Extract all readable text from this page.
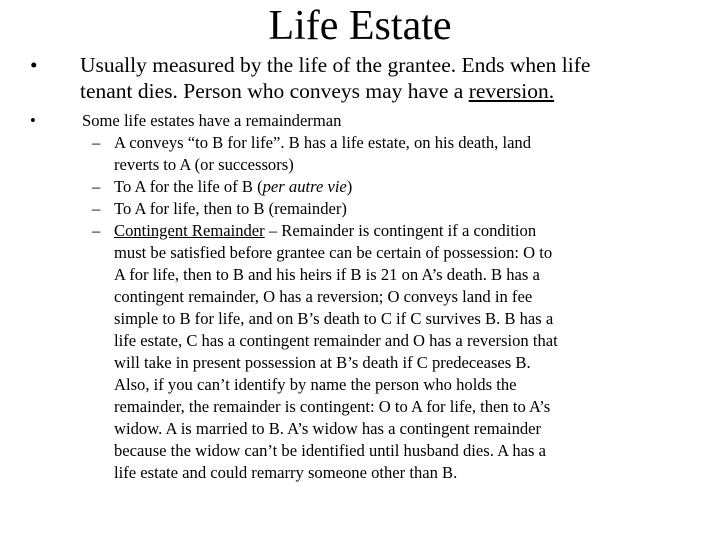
Life Estate
• Usually measured by the life of the grantee. Ends when life
tenant dies. Person who conveys may have a reversion.
•	Some life estates have a remainderman
– A conveys “to B for life”. B has a life estate, on his death, land
reverts to A (or successors)
– To A for the life of B (per autre vie)
– To A for life, then to B (remainder)
– Contingent Remainder – Remainder is contingent if a condition
must be satisfied before grantee can be certain of possession: O to
A for life, then to B and his heirs if B is 21 on A’s death. B has a
contingent remainder, O has a reversion; O conveys land in fee
simple to B for life, and on B’s death to C if C survives B. B has a
life estate, C has a contingent remainder and O has a reversion that
will take in present possession at B’s death if C predeceases B.
Also, if you can’t identify by name the person who holds the
remainder, the remainder is contingent: O to A for life, then to A’s
widow. A is married to B. A’s widow has a contingent remainder
because the widow can’t be identified until husband dies. A has a
life estate and could remarry someone other than B.
